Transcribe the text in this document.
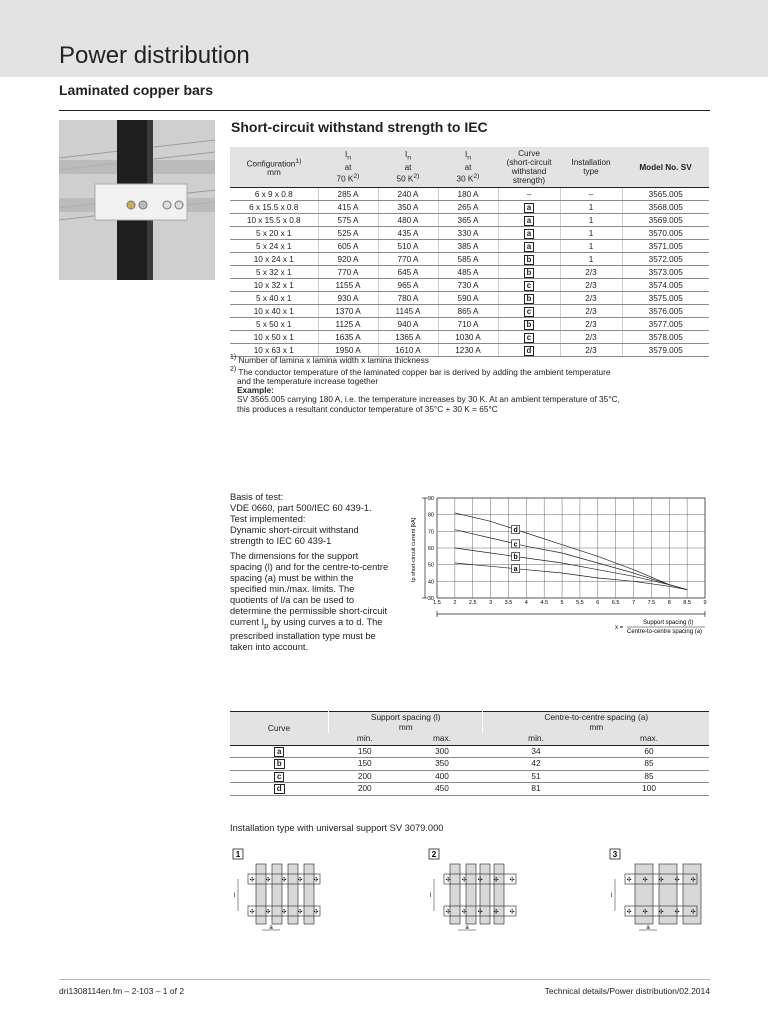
Power distribution
Laminated copper bars
Short-circuit withstand strength to IEC
Configuration$^{1)}$
mm	$I_n$
at
70 $K^{2)}$	$I_n$
at
50 $K^{2)}$	$I_n$
at
30 $K^{2)}$	Curve
(short-circuit
withstand
strength)	Installation
type	Model No. SV
6 x 9 x 0.8	285 A	240 A	180 A	–	–	3565.005
6 x 15.5 x 0.8	415 A	350 A	265 A	a	1	3568.005
10 x 15.5 x 0.8	575 A	480 A	365 A	a	1	3569.005
5 x 20 x 1	525 A	435 A	330 A	a	1	3570.005
5 x 24 x 1	605 A	510 A	385 A	a	1	3571.005
10 x 24 x 1	920 A	770 A	585 A	b	1	3572.005
5 x 32 x 1	770 A	645 A	485 A	b	2/3	3573.005
10 x 32 x 1	1155 A	965 A	730 A	c	2/3	3574.005
5 x 40 x 1	930 A	780 A	590 A	b	2/3	3575.005
10 x 40 x 1	1370 A	1145 A	865 A	c	2/3	3576.005
5 x 50 x 1	1125 A	940 A	710 A	b	2/3	3577.005
10 x 50 x 1	1635 A	1365 A	1030 A	c	2/3	3578.005
10 x 63 x 1	1950 A	1610 A	1230 A	d	2/3	3579.005
$^{1)}$ Number of lamina x lamina width x lamina thickness
$^{2)}$ The conductor temperature of the laminated copper bar is derived by adding the ambient temperature
and the temperature increase together
Example:
SV 3565.005 carrying 180 A, i.e. the temperature increases by 30 K. At an ambient temperature of 35°C,
this produces a resultant conductor temperature of 35°C + 30 K = 65°C
Basis of test:
VDE 0660, part 500/IEC 60 439-1.
Test implemented:
Dynamic short-circuit withstand
strength to IEC 60 439-1
The dimensions for the support spacing (l) and for the centre-to-centre spacing (a) must be within the specified min./max. limits. The quotients of l/a can be used to determine the permissible short-circuit current $I_p$ by using curves a to d. The prescribed installation type must be taken into account.
Ip short-circuit current [kA]
x =
Support spacing (l)
Centre-to-centre spacing (a)
1.5 2 2.5 3 3.5 4 4.5 5 5.5 6 6.5 7 7.5 8 8.5 9
90
80
70
60
50
40
30
d
c
b
a
Curve	Support spacing (l)
mm		Centre-to-centre spacing (a)
mm	
	min.	max.	min.	max.
a	150	300	34	60
b	150	350	42	85
c	200	400	51	85
d	200	450	81	100
Installation type with universal support SV 3079.000
1
✣ ✣ ✣ ✣ ✣
✣ ✣ ✣ ✣ ✣
l
a
2
✣ ✣ ✣ ✣ ✣
✣ ✣ ✣ ✣ ✣
l
a
3
✣ ✣ ✣ ✣ ✣
✣ ✣ ✣ ✣ ✣
l
a
dri1308114en.fm – 2-103 – 1 of 2	Technical details/Power distribution/02.2014
